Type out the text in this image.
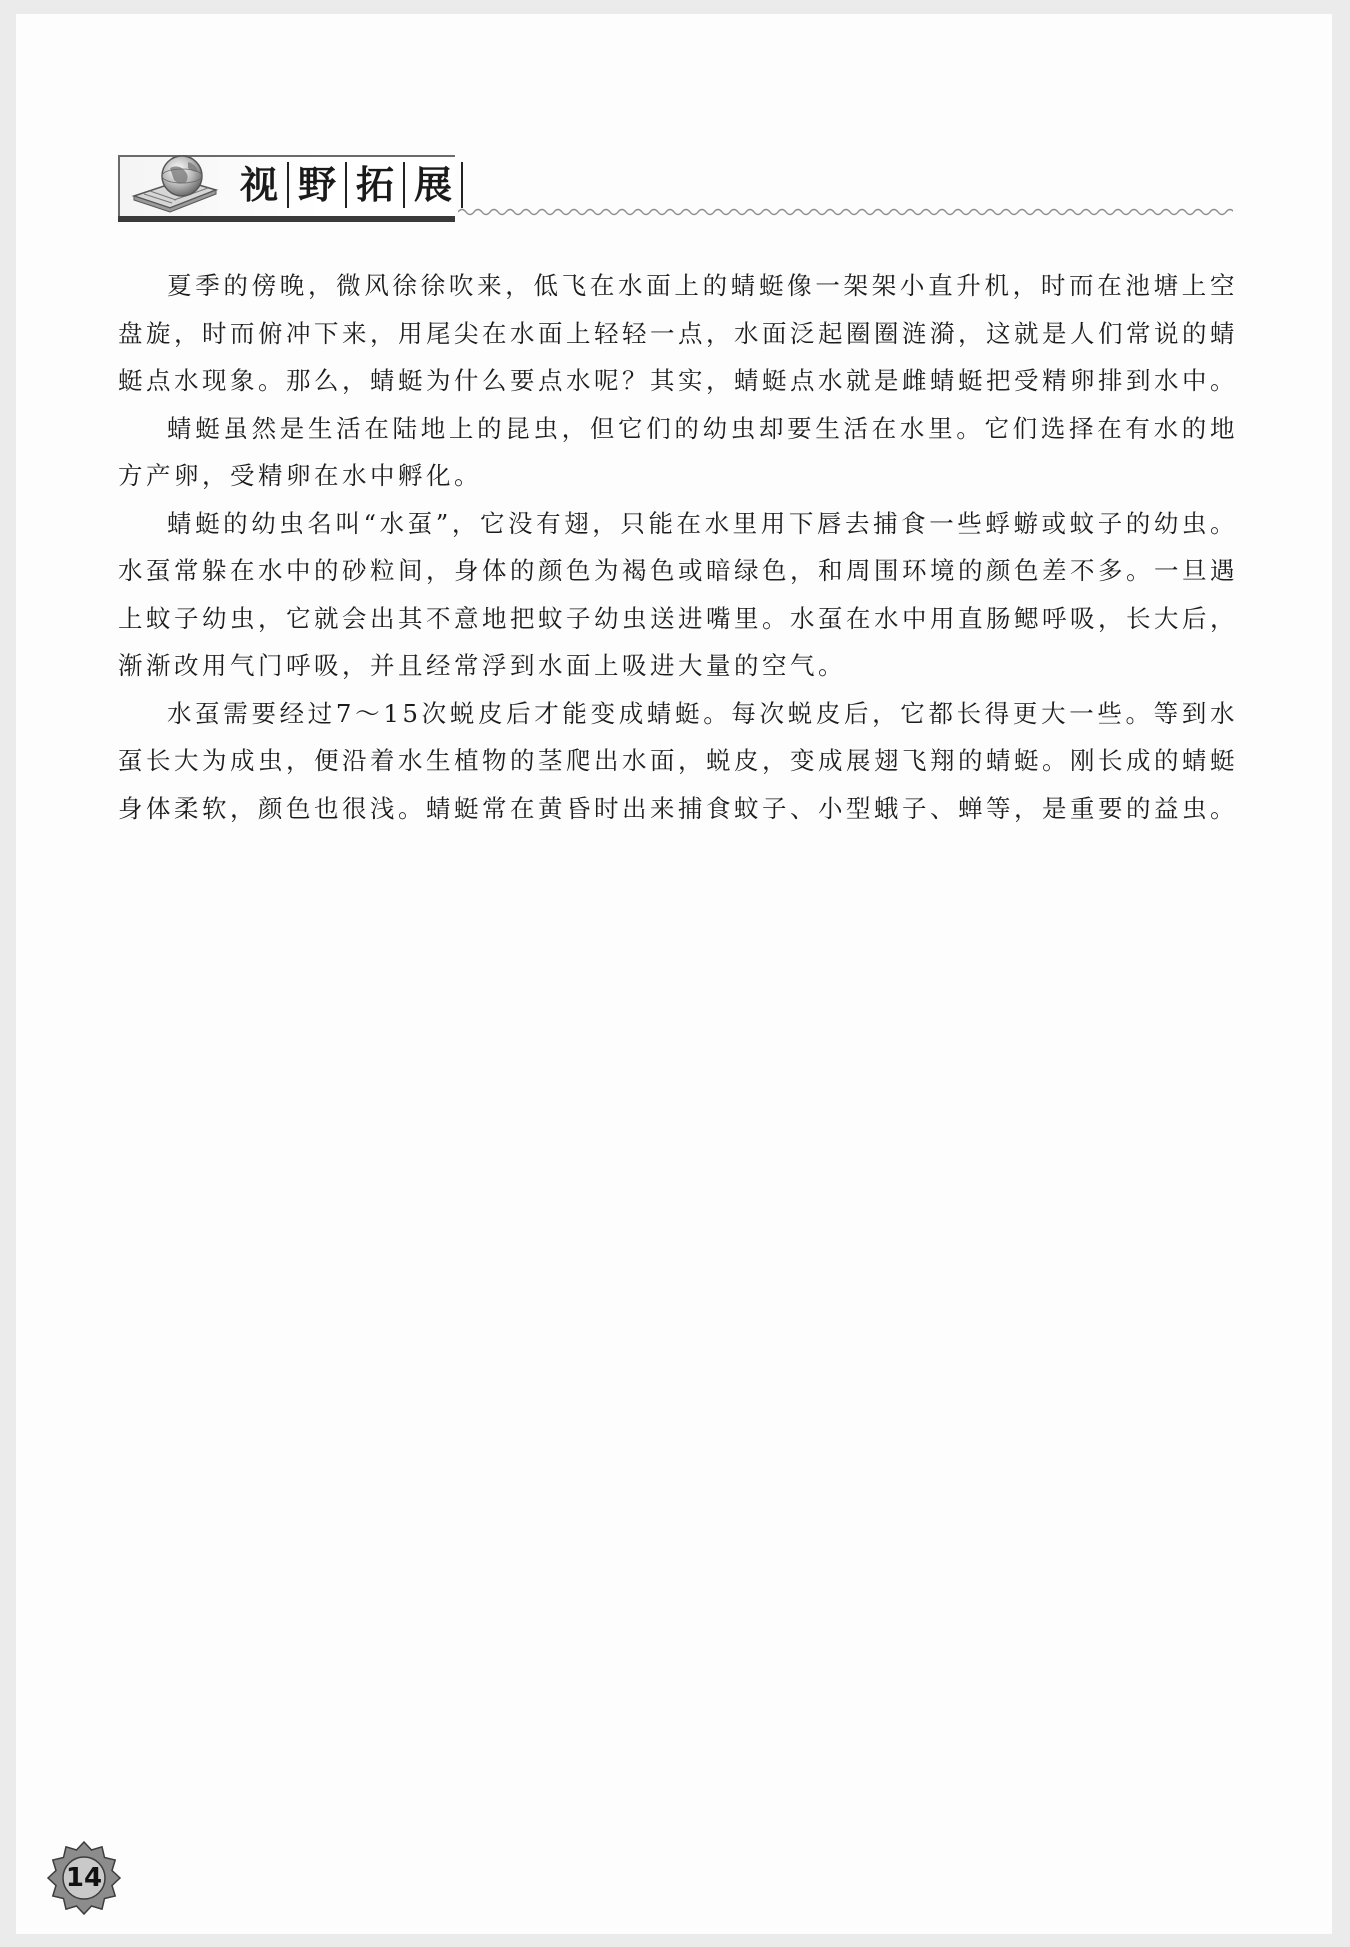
视 野 拓 展

夏季的傍晚，微风徐徐吹来，低飞在水面上的蜻蜓像一架架小直升机，时而在池塘上空盘旋，时而俯冲下来，用尾尖在水面上轻轻一点，水面泛起圈圈涟漪，这就是人们常说的蜻蜓点水现象。那么，蜻蜓为什么要点水呢？其实，蜻蜓点水就是雌蜻蜓把受精卵排到水中。

蜻蜓虽然是生活在陆地上的昆虫，但它们的幼虫却要生活在水里。它们选择在有水的地方产卵，受精卵在水中孵化。

蜻蜓的幼虫名叫“水虿”，它没有翅，只能在水里用下唇去捕食一些蜉蝣或蚊子的幼虫。水虿常躲在水中的砂粒间，身体的颜色为褐色或暗绿色，和周围环境的颜色差不多。一旦遇上蚊子幼虫，它就会出其不意地把蚊子幼虫送进嘴里。水虿在水中用直肠鳃呼吸，长大后，渐渐改用气门呼吸，并且经常浮到水面上吸进大量的空气。

水虿需要经过7～15次蜕皮后才能变成蜻蜓。每次蜕皮后，它都长得更大一些。等到水虿长大为成虫，便沿着水生植物的茎爬出水面，蜕皮，变成展翅飞翔的蜻蜓。刚长成的蜻蜓身体柔软，颜色也很浅。蜻蜓常在黄昏时出来捕食蚊子、小型蛾子、蝉等，是重要的益虫。

14
